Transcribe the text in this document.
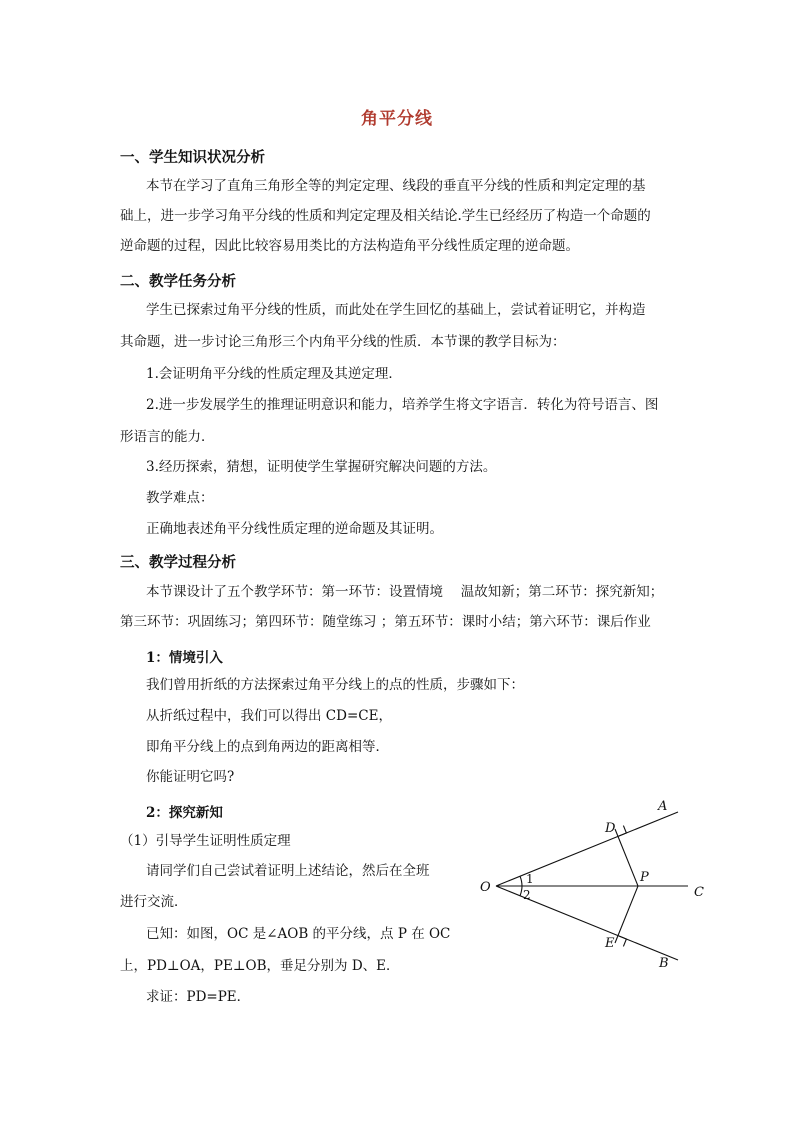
角平分线
一、学生知识状况分析
本节在学习了直角三角形全等的判定定理、线段的垂直平分线的性质和判定定理的基
础上，进一步学习角平分线的性质和判定定理及相关结论.学生已经经历了构造一个命题的
逆命题的过程，因此比较容易用类比的方法构造角平分线性质定理的逆命题。
二、教学任务分析
学生已探索过角平分线的性质，而此处在学生回忆的基础上，尝试着证明它，并构造
其命题，进一步讨论三角形三个内角平分线的性质．本节课的教学目标为：
1.会证明角平分线的性质定理及其逆定理．
2.进一步发展学生的推理证明意识和能力，培养学生将文字语言．转化为符号语言、图
形语言的能力．
3.经历探索，猜想，证明使学生掌握研究解决问题的方法。
教学难点：
正确地表述角平分线性质定理的逆命题及其证明。
三、教学过程分析
本节课设计了五个教学环节：第一环节：设置情境　 温故知新；第二环节：探究新知；
第三环节：巩固练习；第四环节：随堂练习 ；第五环节：课时小结；第六环节：课后作业
1：情境引入
我们曾用折纸的方法探索过角平分线上的点的性质，步骤如下：
从折纸过程中，我们可以得出 CD=CE，
即角平分线上的点到角两边的距离相等．
你能证明它吗?
2：探究新知
（1）引导学生证明性质定理
请同学们自己尝试着证明上述结论，然后在全班
进行交流．
已知：如图，OC 是∠AOB 的平分线，点 P 在 OC
上，PD⊥OA，PE⊥OB，垂足分别为 D、E．
求证：PD=PE．
A
D
O
P
C
E
B
1
2
